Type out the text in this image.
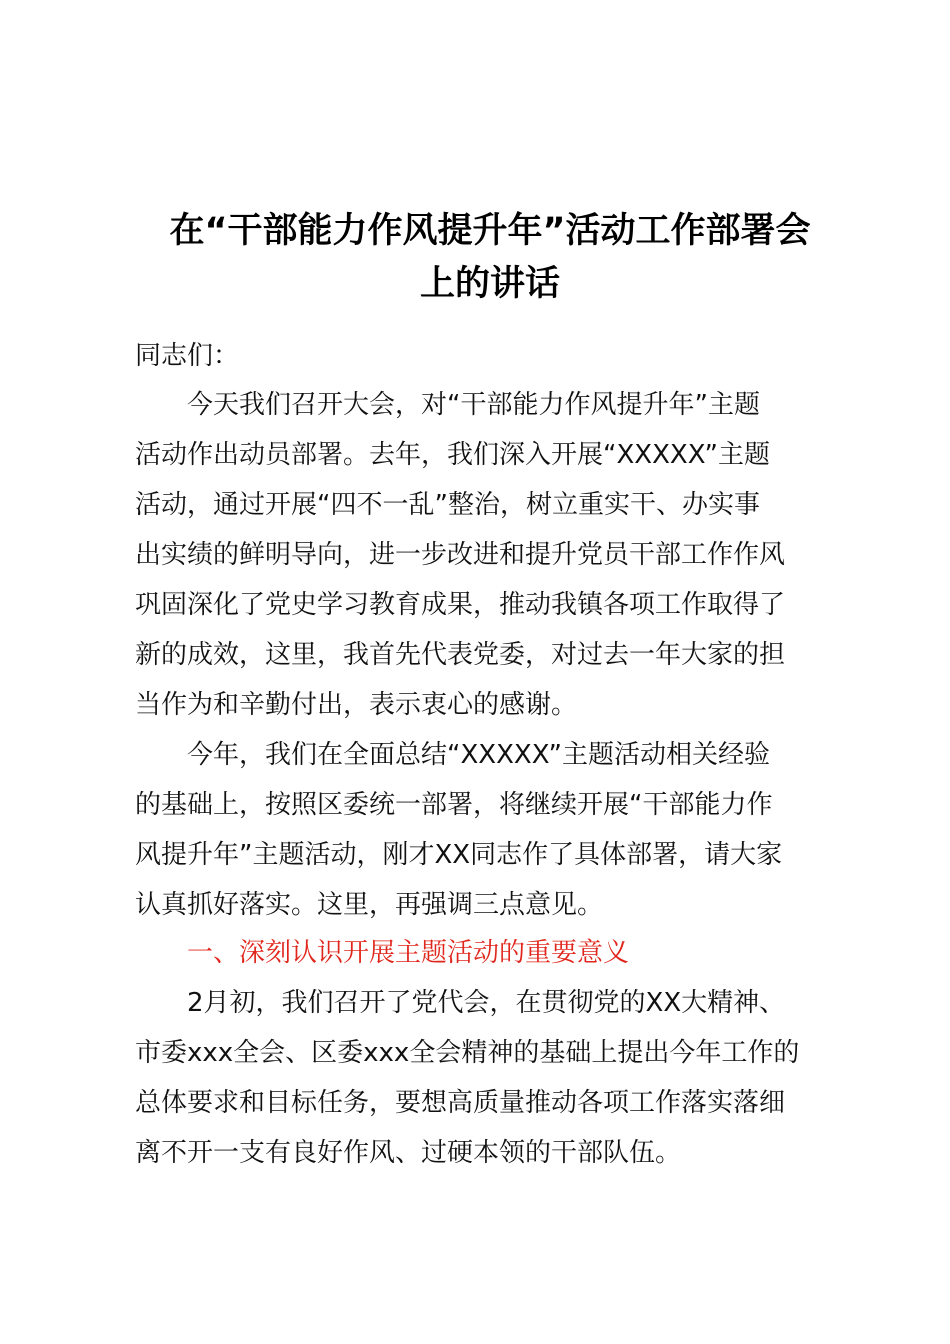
在“干部能力作风提升年”活动工作部署会
上的讲话
同志们：
今天我们召开大会，对“干部能力作风提升年”主题
活动作出动员部署。去年，我们深入开展“XXXXX”主题
活动，通过开展“四不一乱”整治，树立重实干、办实事
出实绩的鲜明导向，进一步改进和提升党员干部工作作风
巩固深化了党史学习教育成果，推动我镇各项工作取得了
新的成效，这里，我首先代表党委，对过去一年大家的担
当作为和辛勤付出，表示衷心的感谢。
今年，我们在全面总结“XXXXX”主题活动相关经验
的基础上，按照区委统一部署，将继续开展“干部能力作
风提升年”主题活动，刚才XX同志作了具体部署，请大家
认真抓好落实。这里，再强调三点意见。
一、深刻认识开展主题活动的重要意义
2月初，我们召开了党代会，在贯彻党的XX大精神、
市委xxx全会、区委xxx全会精神的基础上提出今年工作的
总体要求和目标任务，要想高质量推动各项工作落实落细
离不开一支有良好作风、过硬本领的干部队伍。
